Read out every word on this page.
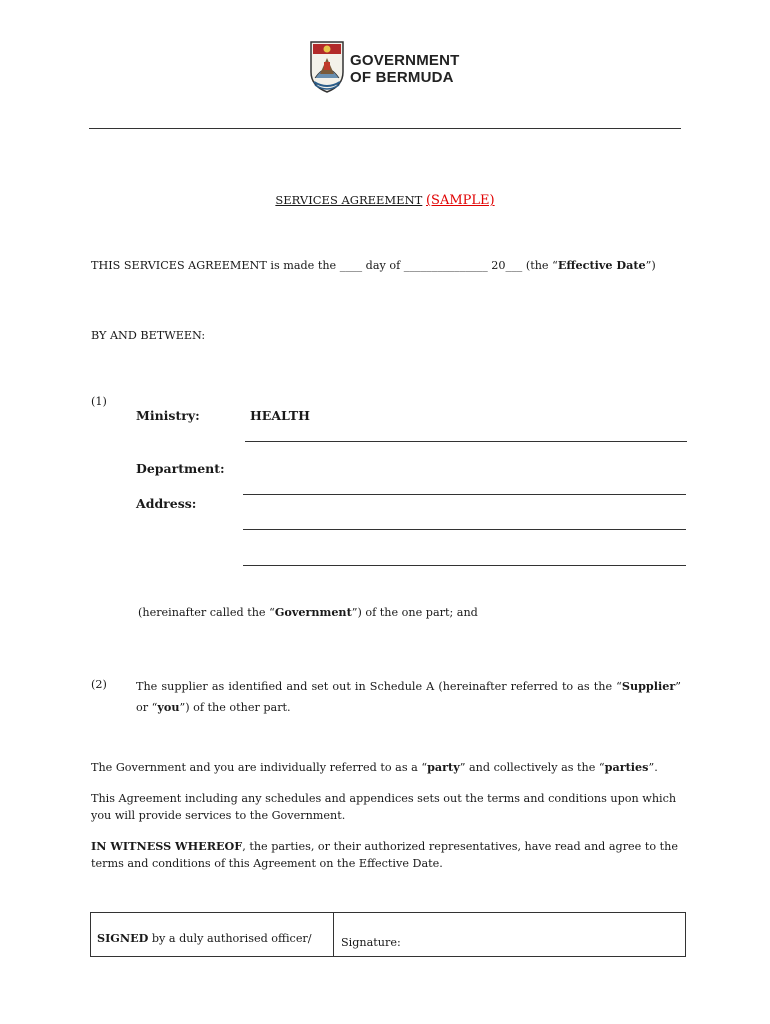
GOVERNMENT
OF BERMUDA
SERVICES AGREEMENT (SAMPLE)
THIS SERVICES AGREEMENT is made the ____ day of _______________ 20___ (the “Effective Date”)
BY AND BETWEEN:
(1)
Ministry:	HEALTH
Department:
Address:
(hereinafter called the “Government”) of the one part; and
(2)	The supplier as identified and set out in Schedule A (hereinafter referred to as the “Supplier” or “you”) of the other part.
The Government and you are individually referred to as a “party” and collectively as the “parties”.
This Agreement including any schedules and appendices sets out the terms and conditions upon which you will provide services to the Government.
IN WITNESS WHEREOF, the parties, or their authorized representatives, have read and agree to the terms and conditions of this Agreement on the Effective Date.
SIGNED by a duly authorised officer/	Signature:
